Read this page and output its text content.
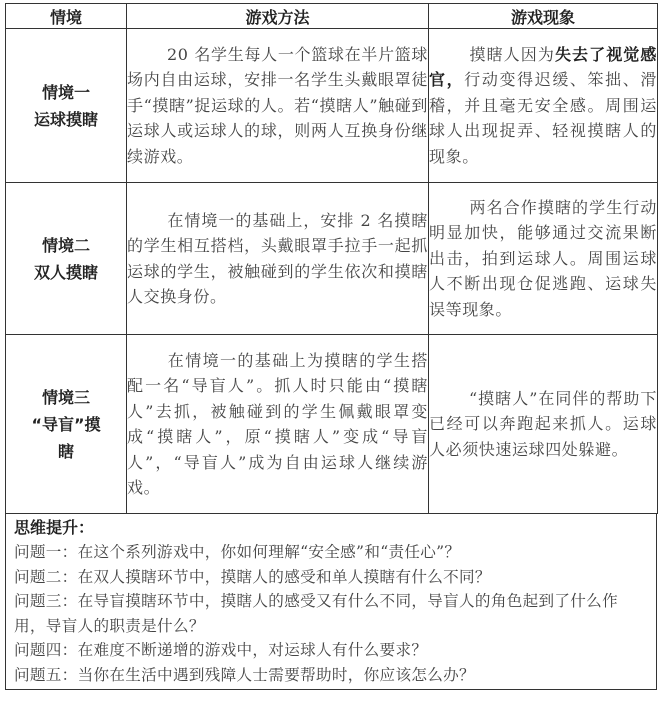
情境	游戏方法	游戏现象

情境一
运球摸瞎	20 名学生每人一个篮球在半片篮球场内自由运球，安排一名学生头戴眼罩徒手“摸瞎”捉运球的人。若“摸瞎人”触碰到运球人或运球人的球，则两人互换身份继续游戏。	摸瞎人因为失去了视觉感官，行动变得迟缓、笨拙、滑稽，并且毫无安全感。周围运球人出现捉弄、轻视摸瞎人的现象。

情境二
双人摸瞎	在情境一的基础上，安排 2 名摸瞎的学生相互搭档，头戴眼罩手拉手一起抓运球的学生，被触碰到的学生依次和摸瞎人交换身份。	两名合作摸瞎的学生行动明显加快，能够通过交流果断出击，拍到运球人。周围运球人不断出现仓促逃跑、运球失误等现象。

情境三
“导盲”摸
瞎	在情境一的基础上为摸瞎的学生搭配一名“导盲人”。抓人时只能由“摸瞎人”去抓，被触碰到的学生佩戴眼罩变成“摸瞎人”，原“摸瞎人”变成“导盲人”，“导盲人”成为自由运球人继续游戏。	“摸瞎人”在同伴的帮助下已经可以奔跑起来抓人。运球人必须快速运球四处躲避。
思维提升：
问题一：在这个系列游戏中，你如何理解“安全感”和“责任心”？
问题二：在双人摸瞎环节中，摸瞎人的感受和单人摸瞎有什么不同？
问题三：在导盲摸瞎环节中，摸瞎人的感受又有什么不同，导盲人的角色起到了什么作用，导盲人的职责是什么？
问题四：在难度不断递增的游戏中，对运球人有什么要求？
问题五：当你在生活中遇到残障人士需要帮助时，你应该怎么办？
